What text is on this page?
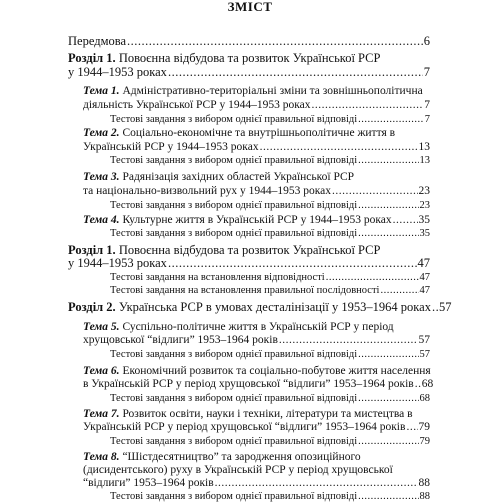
ЗМІСТ
Передмова .....	6
Розділ 1. Повоєнна відбудова та розвиток Української РСР
у 1944–1953 роках .....	7
Тема 1. Адміністративно-територіальні зміни та зовнішньополітична
діяльність Української РСР у 1944–1953 роках .....	7
Тестові завдання з вибором однієї правильної відповіді .....	7
Тема 2. Соціально-економічне та внутрішньополітичне життя в
Українській РСР у 1944–1953 роках .....	13
Тестові завдання з вибором однієї правильної відповіді .....	13
Тема 3. Радянізація західних областей Української РСР
та національно-визвольний рух у 1944–1953 роках .....	23
Тестові завдання з вибором однієї правильної відповіді .....	23
Тема 4. Культурне життя в Українській РСР у 1944–1953 роках ..... 35
Тестові завдання з вибором однієї правильної відповіді .....	35
Розділ 1. Повоєнна відбудова та розвиток Української РСР
у 1944–1953 роках .....	47
Тестові завдання на встановлення відповідності .....	47
Тестові завдання на встановлення правильної послідовності .....	47
Розділ 2. Українська РСР в умовах десталінізації у 1953–1964 роках ..... 57
Тема 5. Суспільно-політичне життя в Українській РСР у період
хрущовської “відлиги” 1953–1964 років .....	57
Тестові завдання з вибором однієї правильної відповіді .....	57
Тема 6. Економічний розвиток та соціально-побутове життя населення
в Українській РСР у період хрущовської “відлиги” 1953–1964 років ..... 68
Тестові завдання з вибором однієї правильної відповіді .....	68
Тема 7. Розвиток освіти, науки і техніки, літератури та мистецтва в
Українській РСР у період хрущовської “відлиги” 1953–1964 років ..... 79
Тестові завдання з вибором однієї правильної відповіді .....	79
Тема 8. “Шістдесятництво” та зародження опозиційного
(дисидентського) руху в Українській РСР у період хрущовської
“відлиги” 1953–1964 років .....	88
Тестові завдання з вибором однієї правильної відповіді .....	88
